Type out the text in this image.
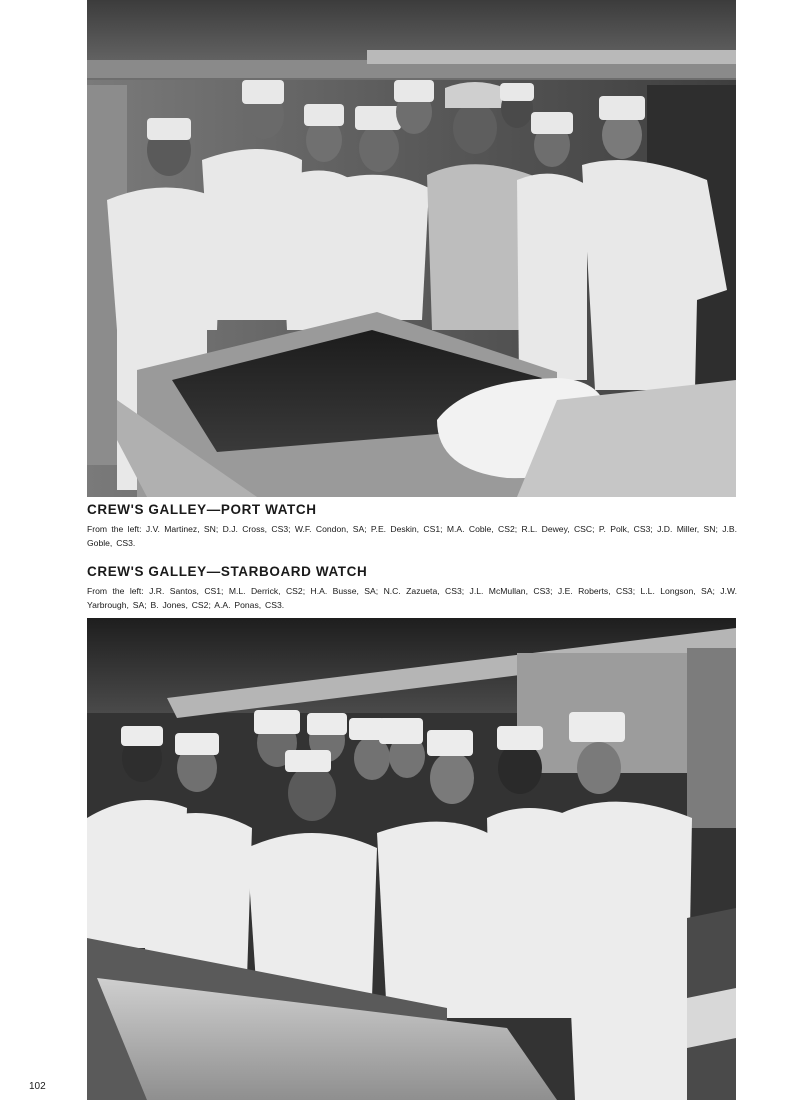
CREW'S GALLEY—PORT WATCH

From the left: J.V. Martinez, SN; D.J. Cross, CS3; W.F. Condon, SA; P.E. Deskin, CS1; M.A. Coble, CS2; R.L. Dewey, CSC; P. Polk, CS3; J.D. Miller, SN; J.B. Goble, CS3.

CREW'S GALLEY—STARBOARD WATCH

From the left: J.R. Santos, CS1; M.L. Derrick, CS2; H.A. Busse, SA; N.C. Zazueta, CS3; J.L. McMullan, CS3; J.E. Roberts, CS3; L.L. Longson, SA; J.W. Yarbrough, SA; B. Jones, CS2; A.A. Ponas, CS3.

102
